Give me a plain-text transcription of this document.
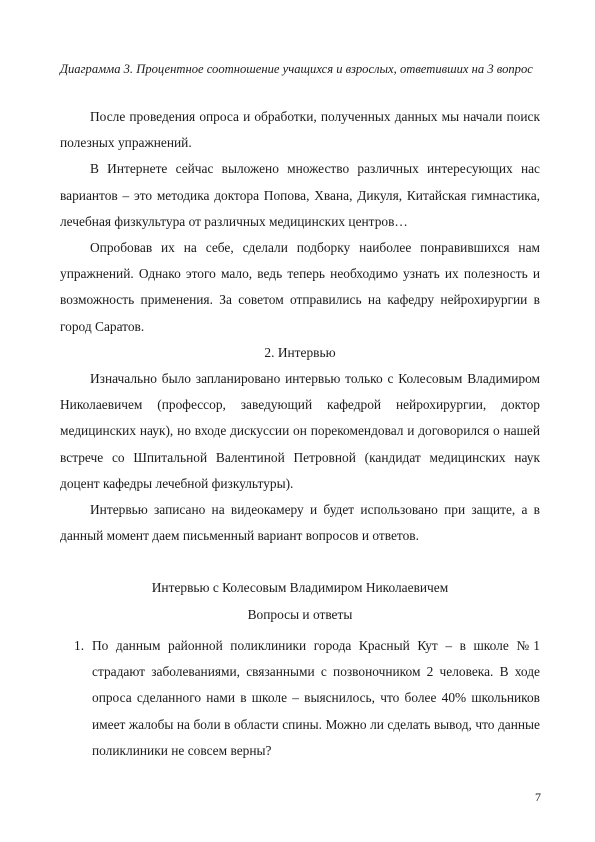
Диаграмма 3. Процентное соотношение учащихся и взрослых, ответивших на 3 вопрос

После проведения опроса и обработки, полученных данных мы начали поиск полезных упражнений.

В Интернете сейчас выложено множество различных интересующих нас вариантов – это методика доктора Попова, Хвана, Дикуля, Китайская гимнастика, лечебная физкультура от различных медицинских центров…

Опробовав их на себе, сделали подборку наиболее понравившихся нам упражнений. Однако этого мало, ведь теперь необходимо узнать их полезность и возможность применения. За советом отправились на кафедру нейрохирургии в город Саратов.

2. Интервью

Изначально было запланировано интервью только с Колесовым Владимиром Николаевичем (профессор, заведующий кафедрой нейрохирургии, доктор медицинских наук), но входе дискуссии он порекомендовал и договорился о нашей встрече со Шпитальной Валентиной Петровной (кандидат медицинских наук доцент кафедры лечебной физкультуры).

Интервью записано на видеокамеру и будет использовано при защите, а в данный момент даем письменный вариант вопросов и ответов.

Интервью с Колесовым Владимиром Николаевичем

Вопросы и ответы

1. По данным районной поликлиники города Красный Кут – в школе №1 страдают заболеваниями, связанными с позвоночником 2 человека. В ходе опроса сделанного нами в школе – выяснилось, что более 40% школьников имеет жалобы на боли в области спины. Можно ли сделать вывод, что данные поликлиники не совсем верны?

7
